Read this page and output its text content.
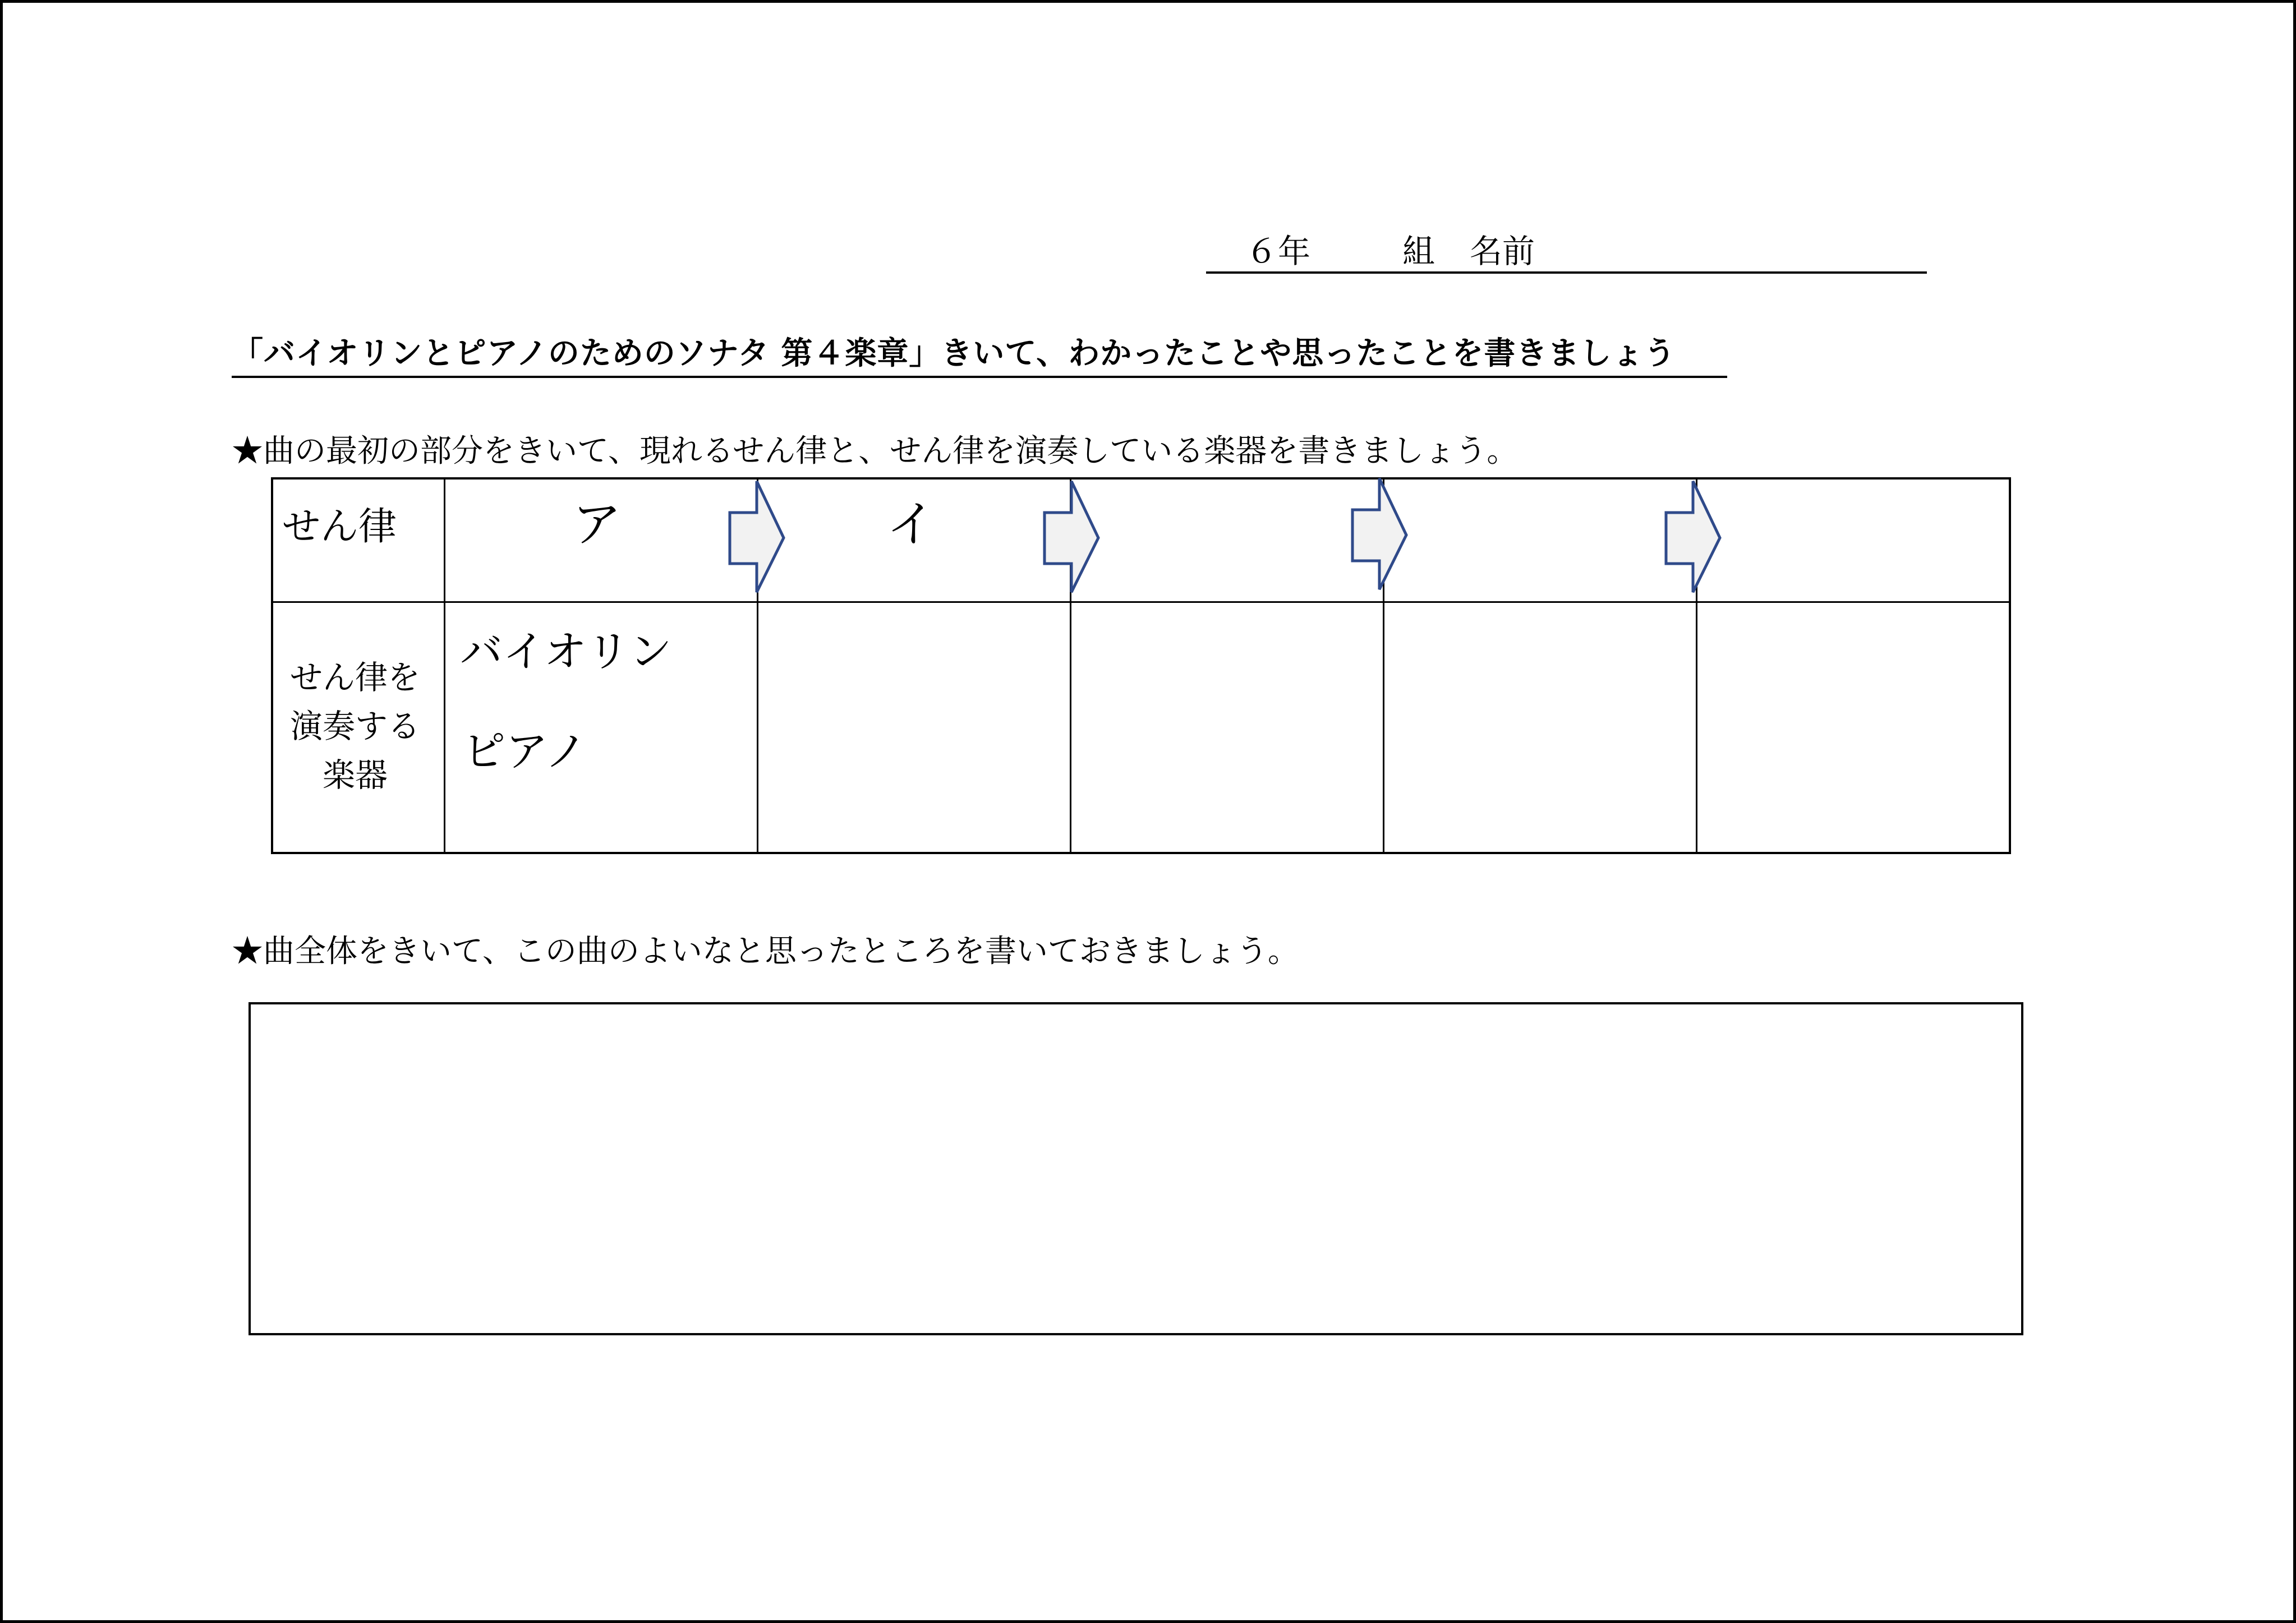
６年	組 名前
「バイオリンとピアノのためのソナタ 第４楽章」きいて、わかったことや思ったことを書きましょう
★曲の最初の部分をきいて、現れるせん律と、せん律を演奏している楽器を書きましょう。
せん律
せん律を
演奏する
楽器
ア	イ
バイオリン
ピアノ
★曲全体をきいて、この曲のよいなと思ったところを書いておきましょう。
